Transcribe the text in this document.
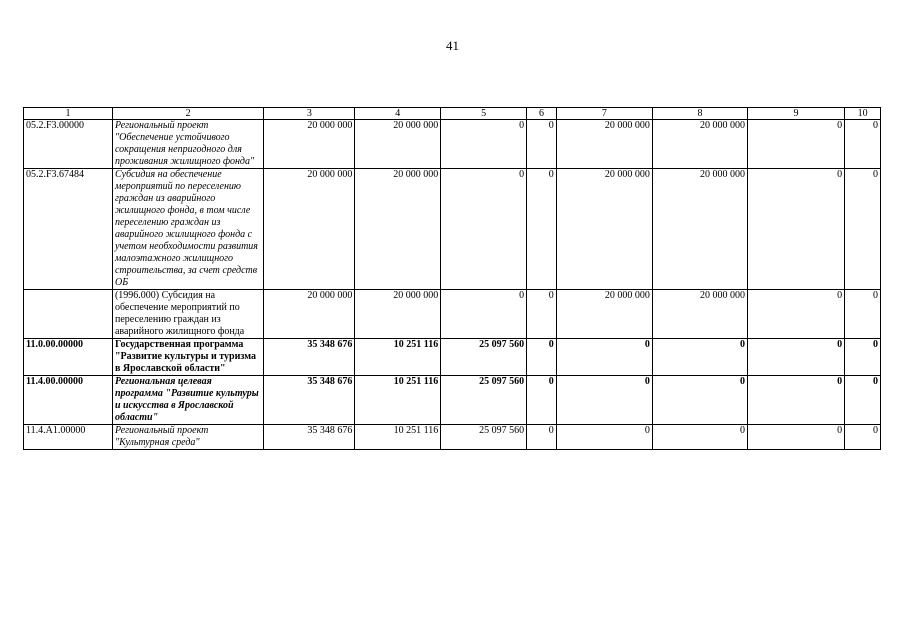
41
1	2	3	4	5	6	7	8	9	10
05.2.F3.00000	Региональный проект "Обеспечение устойчивого сокращения непригодного для проживания жилищного фонда"	20 000 000	20 000 000	0	0	20 000 000	20 000 000	0	0
05.2.F3.67484	Субсидия на обеспечение мероприятий по переселению граждан из аварийного жилищного фонда, в том числе переселению граждан из аварийного жилищного фонда с учетом необходимости развития малоэтажного жилищного строительства, за счет средств ОБ	20 000 000	20 000 000	0	0	20 000 000	20 000 000	0	0
	(1996.000) Субсидия на обеспечение мероприятий по переселению граждан из аварийного жилищного фонда	20 000 000	20 000 000	0	0	20 000 000	20 000 000	0	0
11.0.00.00000	Государственная программа "Развитие культуры и туризма в Ярославской области"	35 348 676	10 251 116	25 097 560	0	0	0	0	0
11.4.00.00000	Региональная целевая программа "Развитие культуры и искусства в Ярославской области"	35 348 676	10 251 116	25 097 560	0	0	0	0	0
11.4.A1.00000	Региональный проект "Культурная среда"	35 348 676	10 251 116	25 097 560	0	0	0	0	0
